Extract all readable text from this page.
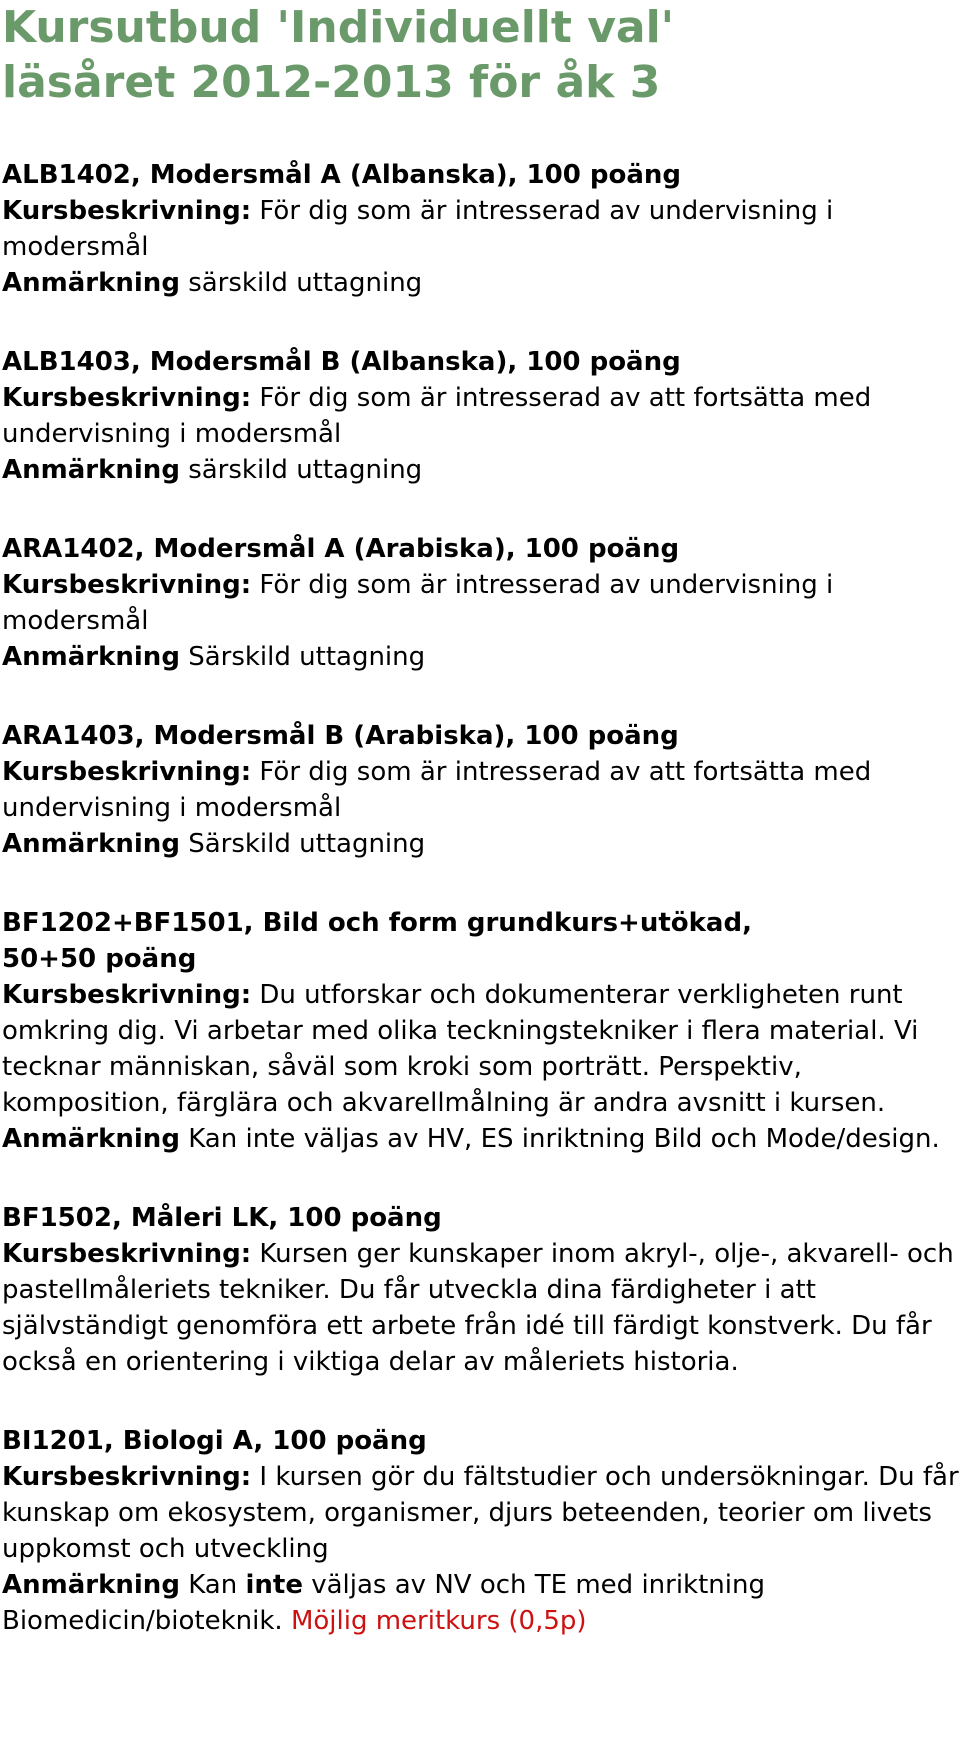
Kursutbud 'Individuellt val'
läsåret 2012-2013 för åk 3
ALB1402, Modersmål A (Albanska), 100 poäng
Kursbeskrivning: För dig som är intresserad av undervisning i modersmål
Anmärkning särskild uttagning
ALB1403, Modersmål B (Albanska), 100 poäng
Kursbeskrivning: För dig som är intresserad av att fortsätta med undervisning i modersmål
Anmärkning särskild uttagning
ARA1402, Modersmål A (Arabiska), 100 poäng
Kursbeskrivning: För dig som är intresserad av undervisning i modersmål
Anmärkning Särskild uttagning
ARA1403, Modersmål B (Arabiska), 100 poäng
Kursbeskrivning: För dig som är intresserad av att fortsätta med undervisning i modersmål
Anmärkning Särskild uttagning
BF1202+BF1501, Bild och form grundkurs+utökad,
50+50 poäng
Kursbeskrivning: Du utforskar och dokumenterar verkligheten runt omkring dig. Vi arbetar med olika teckningstekniker i flera material. Vi tecknar människan, såväl som kroki som porträtt. Perspektiv, komposition, färglära och akvarellmålning är andra avsnitt i kursen.
Anmärkning Kan inte väljas av HV, ES inriktning Bild och Mode/design.
BF1502, Måleri LK, 100 poäng
Kursbeskrivning: Kursen ger kunskaper inom akryl-, olje-, akvarell- och pastellmåleriets tekniker. Du får utveckla dina färdigheter i att självständigt genomföra ett arbete från idé till färdigt konstverk. Du får också en orientering i viktiga delar av måleriets historia.
BI1201, Biologi A, 100 poäng
Kursbeskrivning: I kursen gör du fältstudier och undersökningar. Du får kunskap om ekosystem, organismer, djurs beteenden, teorier om livets uppkomst och utveckling
Anmärkning Kan inte väljas av NV och TE med inriktning Biomedicin/bioteknik. Möjlig meritkurs (0,5p)
